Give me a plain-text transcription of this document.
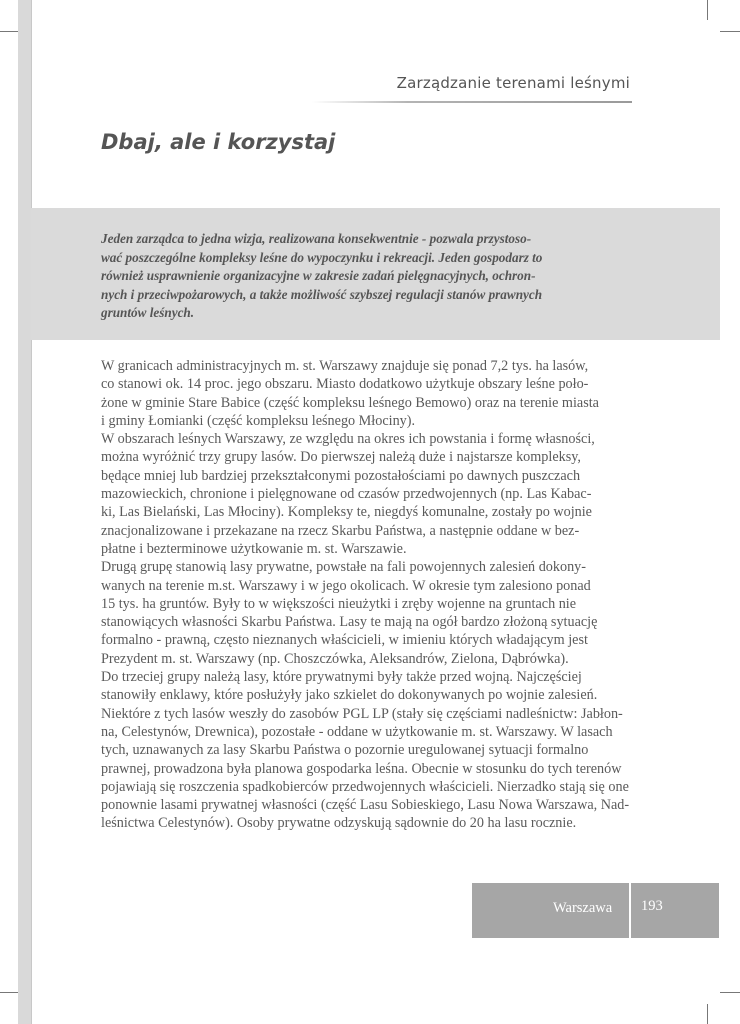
Zarządzanie terenami leśnymi
Dbaj, ale i korzystaj
Jeden zarządca to jedna wizja, realizowana konsekwentnie - pozwala przystoso-
wać poszczególne kompleksy leśne do wypoczynku i rekreacji. Jeden gospodarz to
również usprawnienie organizacyjne w zakresie zadań pielęgnacyjnych, ochron-
nych i przeciwpożarowych, a także możliwość szybszej regulacji stanów prawnych
gruntów leśnych.
W granicach administracyjnych m. st. Warszawy znajduje się ponad 7,2 tys. ha lasów,
co stanowi ok. 14 proc. jego obszaru. Miasto dodatkowo użytkuje obszary leśne poło-
żone w gminie Stare Babice (część kompleksu leśnego Bemowo) oraz na terenie miasta
i gminy Łomianki (część kompleksu leśnego Młociny).
W obszarach leśnych Warszawy, ze względu na okres ich powstania i formę własności,
można wyróżnić trzy grupy lasów. Do pierwszej należą duże i najstarsze kompleksy,
będące mniej lub bardziej przekształconymi pozostałościami po dawnych puszczach
mazowieckich, chronione i pielęgnowane od czasów przedwojennych (np. Las Kabac-
ki, Las Bielański, Las Młociny). Kompleksy te, niegdyś komunalne, zostały po wojnie
znacjonalizowane i przekazane na rzecz Skarbu Państwa, a następnie oddane w bez-
płatne i bezterminowe użytkowanie m. st. Warszawie.
Drugą grupę stanowią lasy prywatne, powstałe na fali powojennych zalesień dokony-
wanych na terenie m.st. Warszawy i w jego okolicach. W okresie tym zalesiono ponad
15 tys. ha gruntów. Były to w większości nieużytki i zręby wojenne na gruntach nie
stanowiących własności Skarbu Państwa. Lasy te mają na ogół bardzo złożoną sytuację
formalno - prawną, często nieznanych właścicieli, w imieniu których władającym jest
Prezydent m. st. Warszawy (np. Choszczówka, Aleksandrów, Zielona, Dąbrówka).
Do trzeciej grupy należą lasy, które prywatnymi były także przed wojną. Najczęściej
stanowiły enklawy, które posłużyły jako szkielet do dokonywanych po wojnie zalesień.
Niektóre z tych lasów weszły do zasobów PGL LP (stały się częściami nadleśnictw: Jabłon-
na, Celestynów, Drewnica), pozostałe - oddane w użytkowanie m. st. Warszawy. W lasach
tych, uznawanych za lasy Skarbu Państwa o pozornie uregulowanej sytuacji formalno
prawnej, prowadzona była planowa gospodarka leśna. Obecnie w stosunku do tych terenów
pojawiają się roszczenia spadkobierców przedwojennych właścicieli. Nierzadko stają się one
ponownie lasami prywatnej własności (część Lasu Sobieskiego, Lasu Nowa Warszawa, Nad-
leśnictwa Celestynów). Osoby prywatne odzyskują sądownie do 20 ha lasu rocznie.
Warszawa 193
